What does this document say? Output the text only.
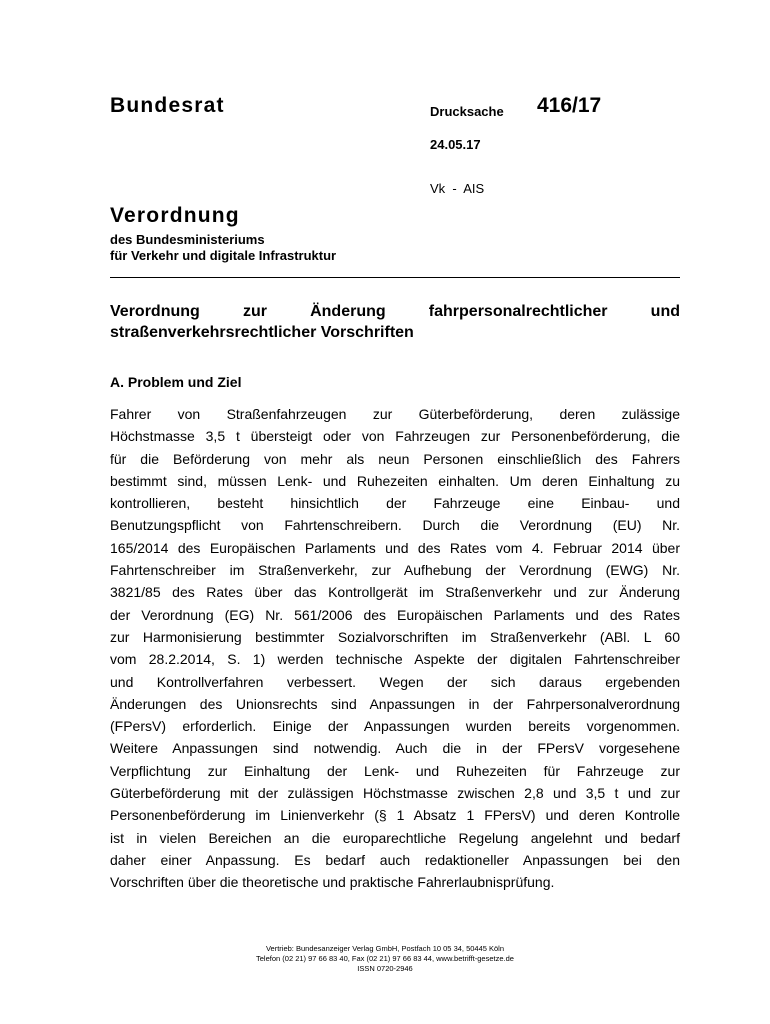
Bundesrat	Drucksache 416/17
24.05.17
Vk  -  AIS
Verordnung
des Bundesministeriums
für Verkehr und digitale Infrastruktur
Verordnung zur Änderung fahrpersonalrechtlicher und
straßenverkehrsrechtlicher Vorschriften
A. Problem und Ziel
Fahrer von Straßenfahrzeugen zur Güterbeförderung, deren zulässige
Höchstmasse 3,5 t übersteigt oder von Fahrzeugen zur Personenbeförderung, die
für die Beförderung von mehr als neun Personen einschließlich des Fahrers
bestimmt sind, müssen Lenk- und Ruhezeiten einhalten. Um deren Einhaltung zu
kontrollieren, besteht hinsichtlich der Fahrzeuge eine Einbau- und
Benutzungspflicht von Fahrtenschreibern. Durch die Verordnung (EU) Nr.
165/2014 des Europäischen Parlaments und des Rates vom 4. Februar 2014 über
Fahrtenschreiber im Straßenverkehr, zur Aufhebung der Verordnung (EWG) Nr.
3821/85 des Rates über das Kontrollgerät im Straßenverkehr und zur Änderung
der Verordnung (EG) Nr. 561/2006 des Europäischen Parlaments und des Rates
zur Harmonisierung bestimmter Sozialvorschriften im Straßenverkehr (ABl. L 60
vom 28.2.2014, S. 1) werden technische Aspekte der digitalen Fahrtenschreiber
und Kontrollverfahren verbessert. Wegen der sich daraus ergebenden
Änderungen des Unionsrechts sind Anpassungen in der Fahrpersonalverordnung
(FPersV) erforderlich. Einige der Anpassungen wurden bereits vorgenommen.
Weitere Anpassungen sind notwendig. Auch die in der FPersV vorgesehene
Verpflichtung zur Einhaltung der Lenk- und Ruhezeiten für Fahrzeuge zur
Güterbeförderung mit der zulässigen Höchstmasse zwischen 2,8 und 3,5 t und zur
Personenbeförderung im Linienverkehr (§ 1 Absatz 1 FPersV) und deren Kontrolle
ist in vielen Bereichen an die europarechtliche Regelung angelehnt und bedarf
daher einer Anpassung. Es bedarf auch redaktioneller Anpassungen bei den
Vorschriften über die theoretische und praktische Fahrerlaubnisprüfung.
Vertrieb: Bundesanzeiger Verlag GmbH, Postfach 10 05 34, 50445 Köln
Telefon (02 21) 97 66 83 40, Fax (02 21) 97 66 83 44, www.betrifft-gesetze.de
ISSN 0720-2946
